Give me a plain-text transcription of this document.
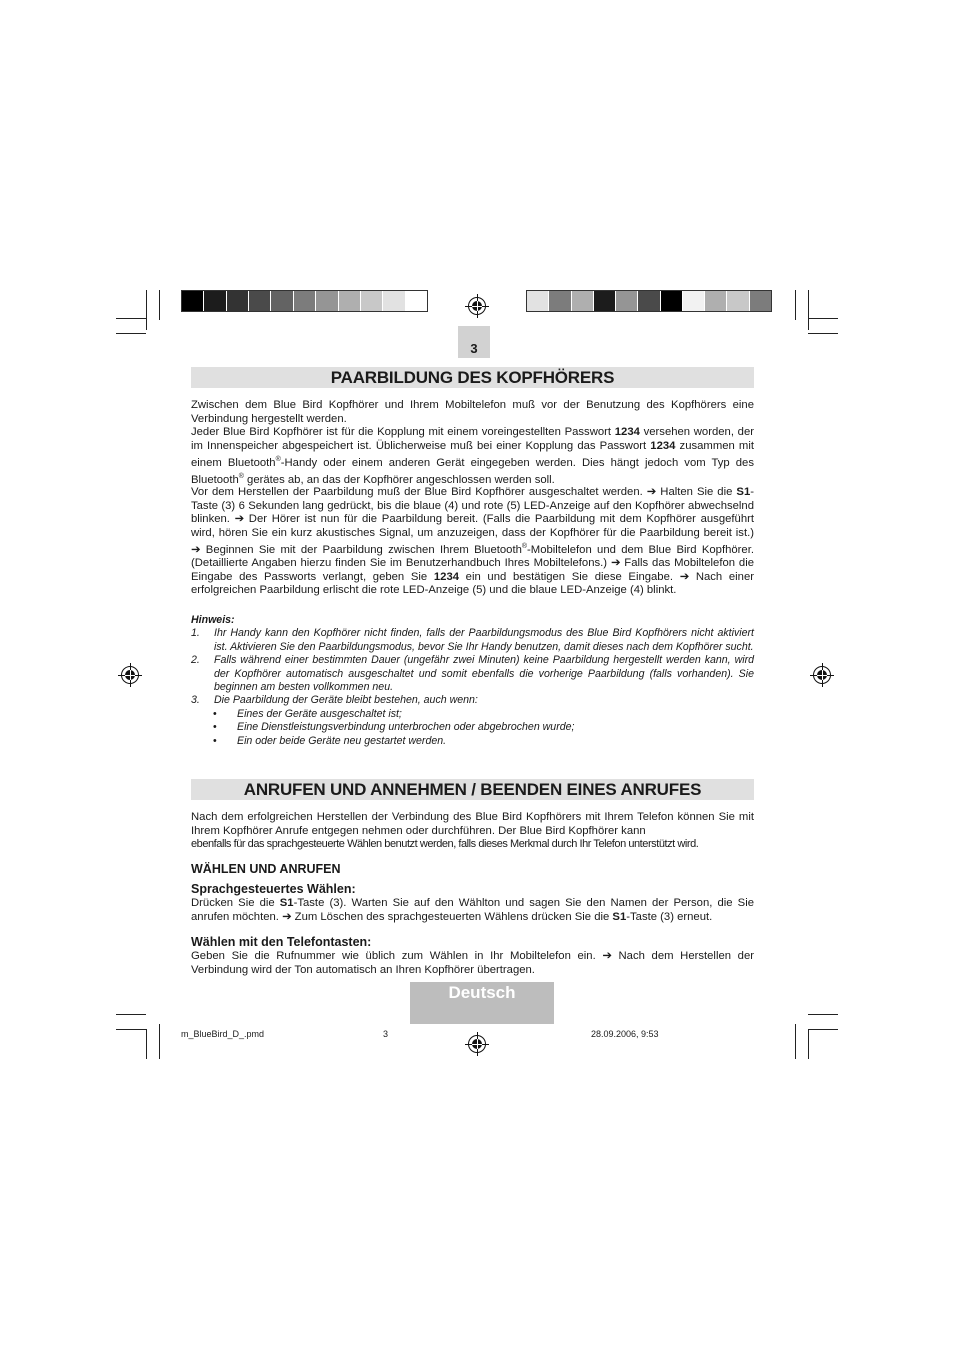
3
PAARBILDUNG DES KOPFHÖRERS

Zwischen dem Blue Bird Kopfhörer und Ihrem Mobiltelefon muß vor der Benutzung des Kopfhörers eine Verbindung hergestellt werden.

Jeder Blue Bird Kopfhörer ist für die Kopplung mit einem voreingestellten Passwort 1234 versehen worden, der im Innenspeicher abgespeichert ist. Üblicherweise muß bei einer Kopplung das Passwort 1234 zusammen mit einem Bluetooth®-Handy oder einem anderen Gerät eingegeben werden. Dies hängt jedoch vom Typ des Bluetooth® gerätes ab, an das der Kopfhörer angeschlossen werden soll.

Vor dem Herstellen der Paarbildung muß der Blue Bird Kopfhörer ausgeschaltet werden. ➔ Halten Sie die S1-Taste (3) 6 Sekunden lang gedrückt, bis die blaue (4) und rote (5) LED-Anzeige auf den Kopfhörer abwechselnd blinken. ➔ Der Hörer ist nun für die Paarbildung bereit. (Falls die Paarbildung mit dem Kopfhörer ausgeführt wird, hören Sie ein kurz akustisches Signal, um anzuzeigen, dass der Kopfhörer für die Paarbildung bereit ist.) ➔ Beginnen Sie mit der Paarbildung zwischen Ihrem Bluetooth®-Mobiltelefon und dem Blue Bird Kopfhörer. (Detaillierte Angaben hierzu finden Sie im Benutzerhandbuch Ihres Mobiltelefons.) ➔ Falls das Mobiltelefon die Eingabe des Passworts verlangt, geben Sie 1234 ein und bestätigen Sie diese Eingabe. ➔ Nach einer erfolgreichen Paarbildung erlischt die rote LED-Anzeige (5) und die blaue LED-Anzeige (4) blinkt.

Hinweis:
1.	Ihr Handy kann den Kopfhörer nicht finden, falls der Paarbildungsmodus des Blue Bird Kopfhörers nicht aktiviert ist. Aktivieren Sie den Paarbildungsmodus, bevor Sie Ihr Handy benutzen, damit dieses nach dem Kopfhörer sucht.
2.	Falls während einer bestimmten Dauer (ungefähr zwei Minuten) keine Paarbildung hergestellt werden kann, wird der Kopfhörer automatisch ausgeschaltet und somit ebenfalls die vorherige Paarbildung (falls vorhanden). Sie beginnen am besten vollkommen neu.
3.	Die Paarbildung der Geräte bleibt bestehen, auch wenn:
•	Eines der Geräte ausgeschaltet ist;
•	Eine Dienstleistungsverbindung unterbrochen oder abgebrochen wurde;
•	Ein oder beide Geräte neu gestartet werden.
ANRUFEN UND ANNEHMEN / BEENDEN EINES ANRUFES

Nach dem erfolgreichen Herstellen der Verbindung des Blue Bird Kopfhörers mit Ihrem Telefon können Sie mit Ihrem Kopfhörer Anrufe entgegen nehmen oder durchführen. Der Blue Bird Kopfhörer kann
ebenfalls für das sprachgesteuerte Wählen benutzt werden, falls dieses Merkmal durch Ihr Telefon unterstützt wird.

WÄHLEN UND ANRUFEN
Sprachgesteuertes Wählen:

Drücken Sie die S1-Taste (3). Warten Sie auf den Wählton und sagen Sie den Namen der Person, die Sie anrufen möchten. ➔ Zum Löschen des sprachgesteuerten Wählens drücken Sie die S1-Taste (3) erneut.

Wählen mit den Telefontasten:

Geben Sie die Rufnummer wie üblich zum Wählen in Ihr Mobiltelefon ein. ➔ Nach dem Herstellen der Verbindung wird der Ton automatisch an Ihren Kopfhörer übertragen.

Deutsch
m_BlueBird_D_.pmd	3	28.09.2006, 9:53
